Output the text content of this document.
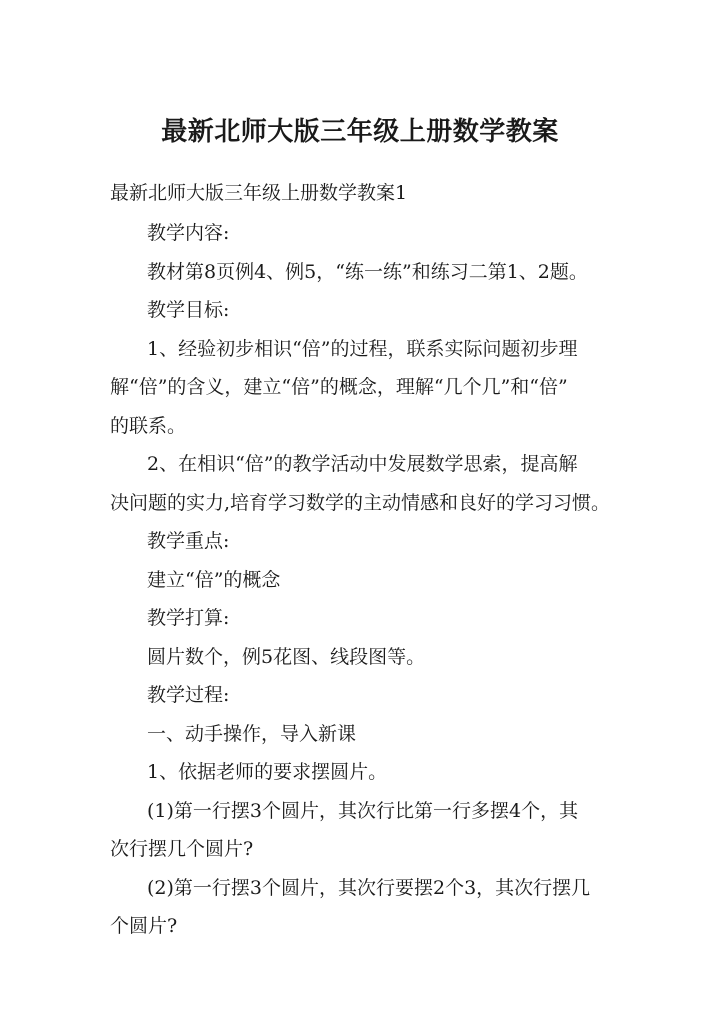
最新北师大版三年级上册数学教案
最新北师大版三年级上册数学教案1
教学内容:
教材第8页例4、例5，“练一练”和练习二第1、2题。
教学目标:
1、经验初步相识“倍”的过程，联系实际问题初步理
解“倍”的含义，建立“倍”的概念，理解“几个几”和“倍”
的联系。
2、在相识“倍”的教学活动中发展数学思索，提高解
决问题的实力,培育学习数学的主动情感和良好的学习习惯。
教学重点:
建立“倍”的概念
教学打算:
圆片数个，例5花图、线段图等。
教学过程:
一、动手操作，导入新课
1、依据老师的要求摆圆片。
(1)第一行摆3个圆片，其次行比第一行多摆4个，其
次行摆几个圆片?
(2)第一行摆3个圆片，其次行要摆2个3，其次行摆几
个圆片?
